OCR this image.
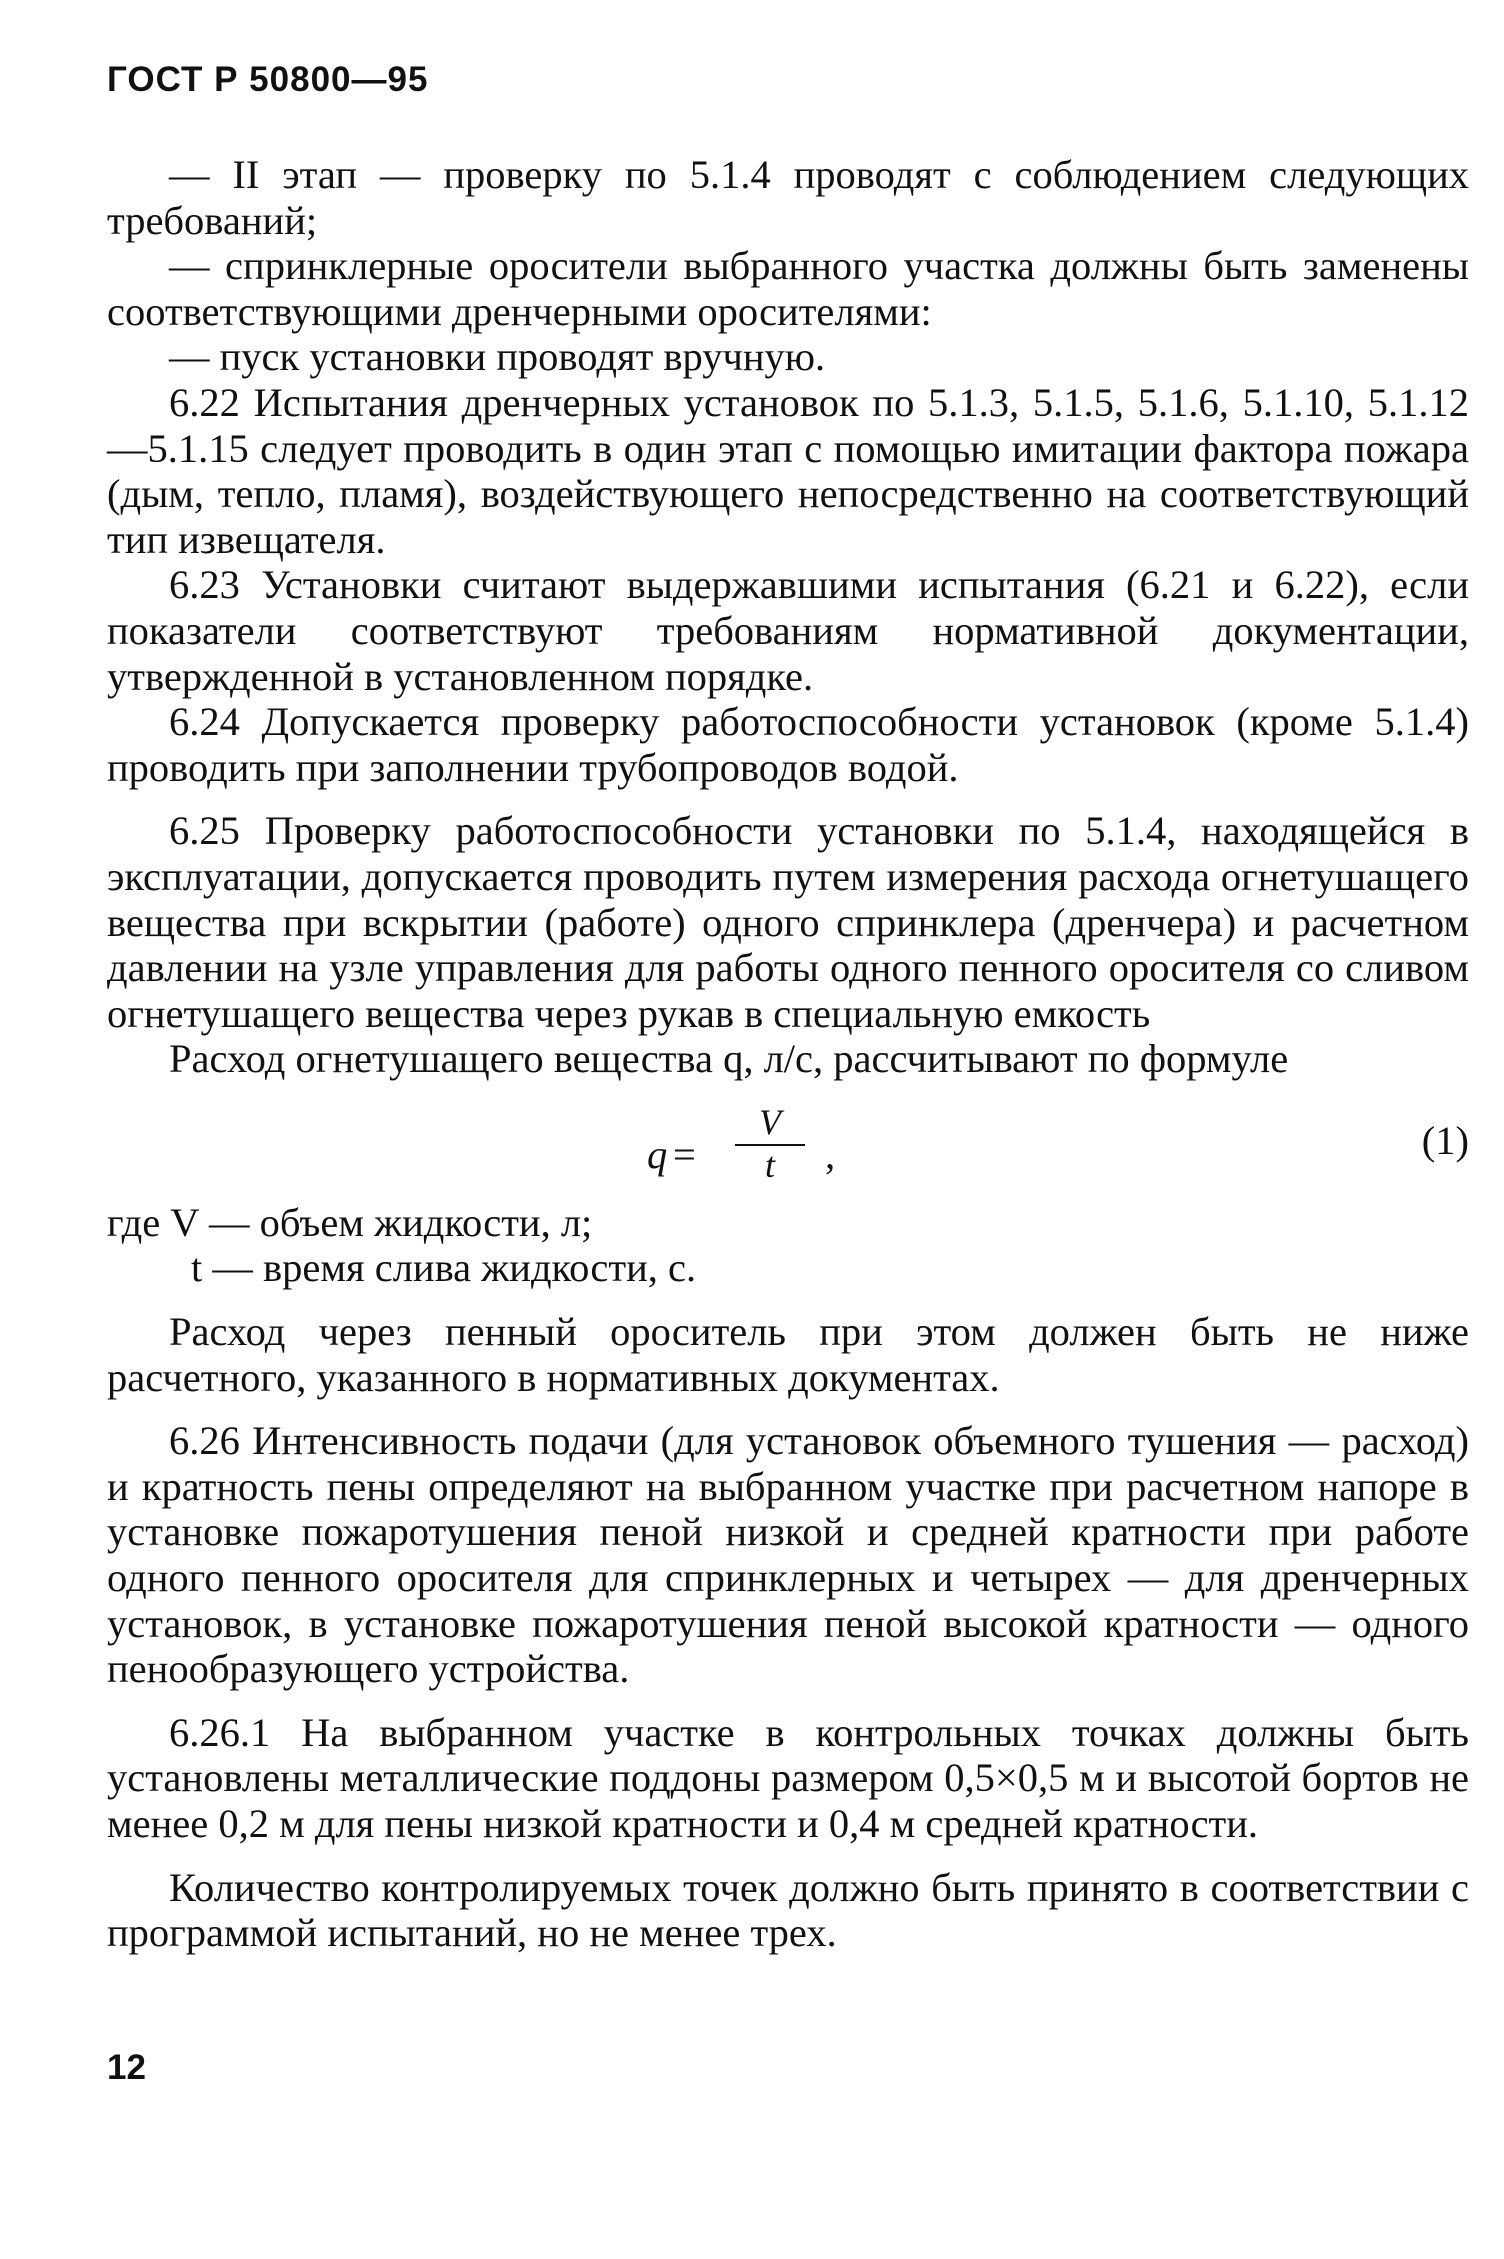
ГОСТ Р 50800—95

— II этап — проверку по 5.1.4 проводят с соблюдением следующих требований;

— спринклерные оросители выбранного участка должны быть заменены соответствующими дренчерными оросителями:

— пуск установки проводят вручную.

6.22 Испытания дренчерных установок по 5.1.3, 5.1.5, 5.1.6, 5.1.10, 5.1.12—5.1.15 следует проводить в один этап с помощью имитации фактора пожара (дым, тепло, пламя), воздействующего непосредственно на соответствующий тип извещателя.

6.23 Установки считают выдержавшими испытания (6.21 и 6.22), если показатели соответствуют требованиям нормативной документации, утвержденной в установленном порядке.

6.24 Допускается проверку работоспособности установок (кроме 5.1.4) проводить при заполнении трубопроводов водой.

6.25 Проверку работоспособности установки по 5.1.4, находящейся в эксплуатации, допускается проводить путем измерения расхода огнетушащего вещества при вскрытии (работе) одного спринклера (дренчера) и расчетном давлении на узле управления для работы одного пенного оросителя со сливом огнетушащего вещества через рукав в специальную емкость

Расход огнетушащего вещества q, л/с, рассчитывают по формуле

q =
V
t	,	(1)

где V — объем жидкости, л;

t — время слива жидкости, с.

Расход через пенный ороситель при этом должен быть не ниже расчетного, указанного в нормативных документах.

6.26 Интенсивность подачи (для установок объемного тушения — расход) и кратность пены определяют на выбранном участке при расчетном напоре в установке пожаротушения пеной низкой и средней кратности при работе одного пенного оросителя для спринклерных и четырех — для дренчерных установок, в установке пожаротушения пеной высокой кратности — одного пенообразующего устройства.

6.26.1 На выбранном участке в контрольных точках должны быть установлены металлические поддоны размером 0,5×0,5 м и высотой бортов не менее 0,2 м для пены низкой кратности и 0,4 м средней кратности.

Количество контролируемых точек должно быть принято в соответствии с программой испытаний, но не менее трех.

12
